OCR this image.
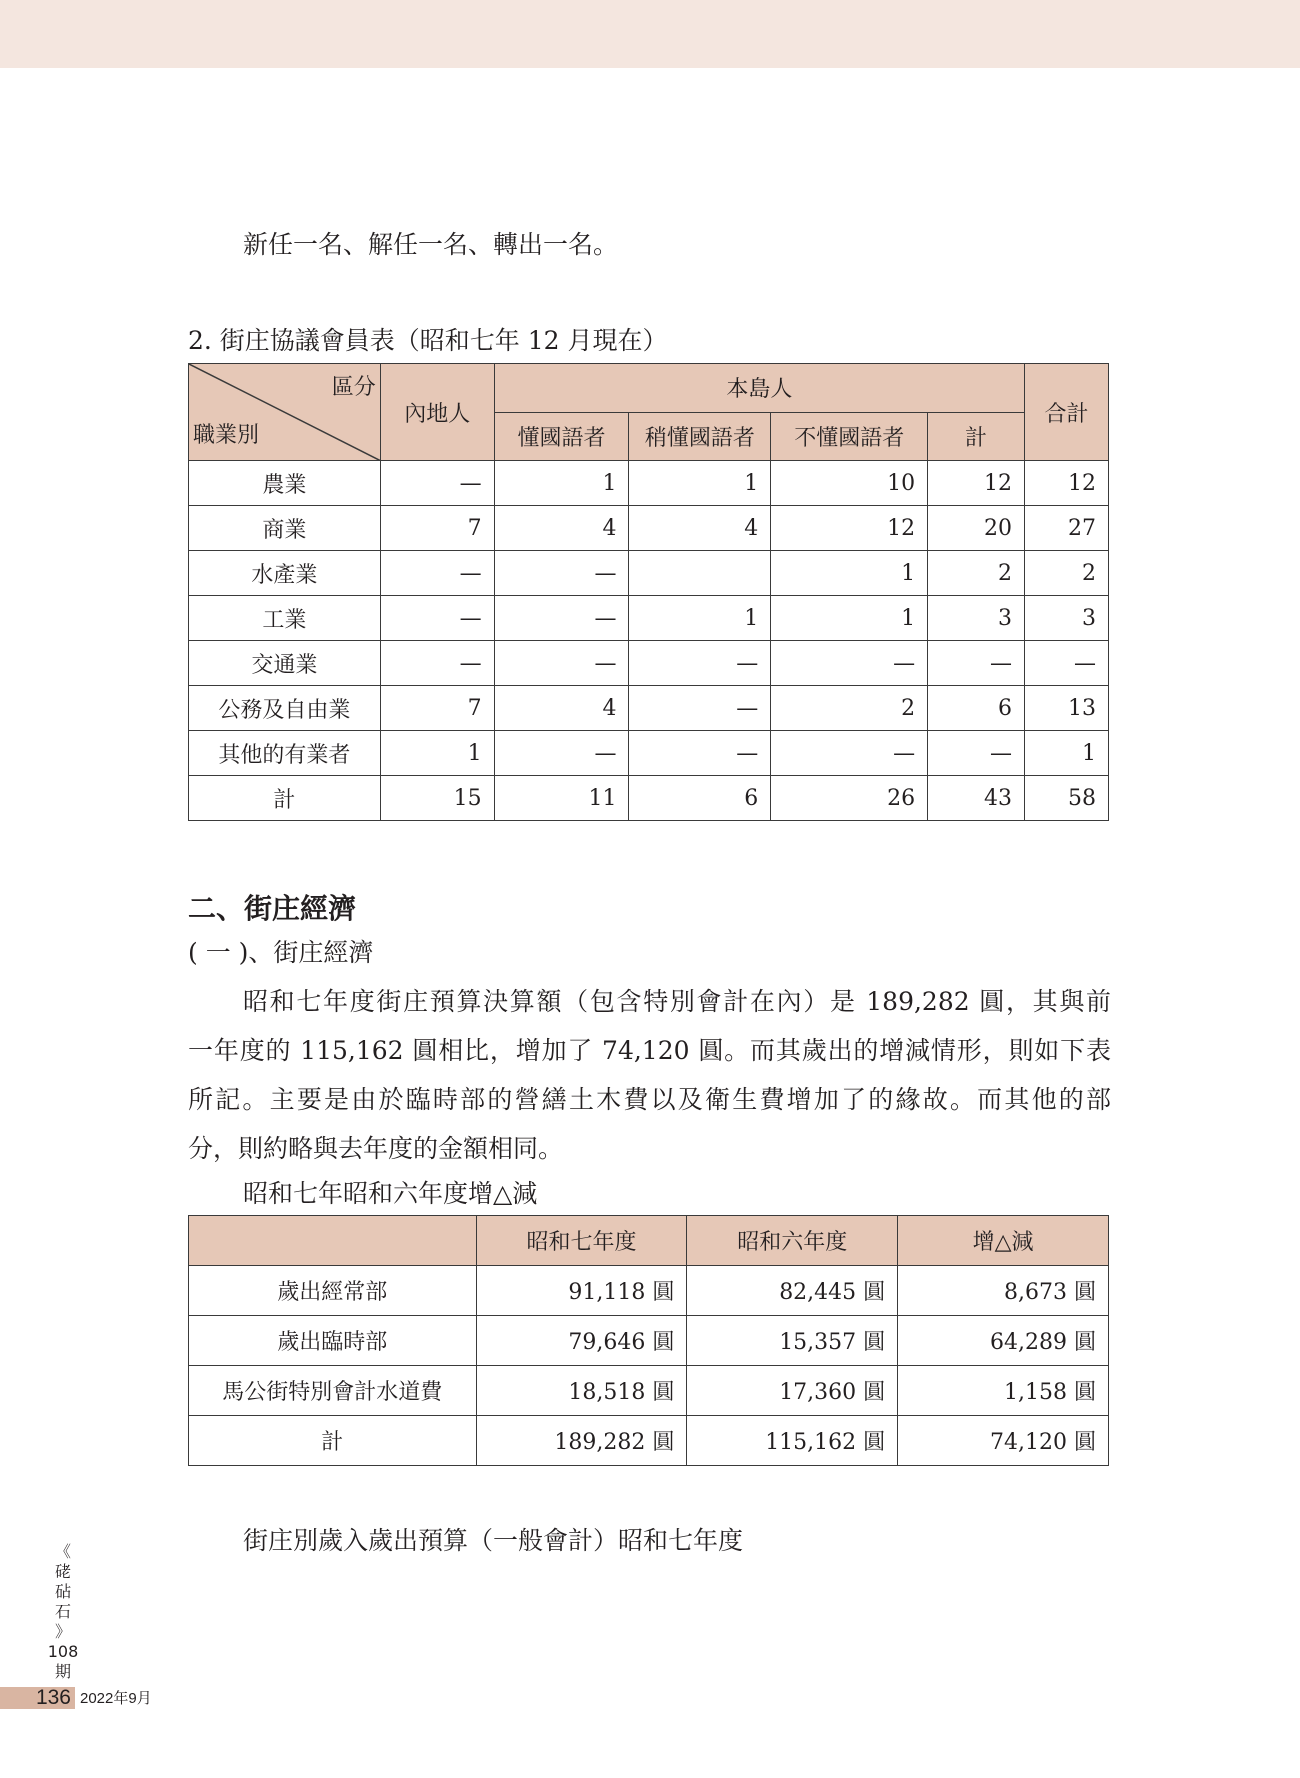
新任一名、解任一名、轉出一名。
2. 街庄協議會員表（昭和七年 12 月現在）
區分
職業別	內地人	本島人				合計
		懂國語者	稍懂國語者	不懂國語者	計	
農業	—	1	1	10	12	12
商業	7	4	4	12	20	27
水產業	—	—		1	2	2
工業	—	—	1	1	3	3
交通業	—	—	—	—	—	—
公務及自由業	7	4	—	2	6	13
其他的有業者	1	—	—	—	—	1
計	15	11	6	26	43	58
二、街庄經濟
( 一 )、街庄經濟
昭和七年度街庄預算決算額（包含特別會計在內）是 189,282 圓，其與前
一年度的 115,162 圓相比，增加了 74,120 圓。而其歲出的增減情形，則如下表
所記。主要是由於臨時部的營繕土木費以及衛生費增加了的緣故。而其他的部
分，則約略與去年度的金額相同。
昭和七年昭和六年度增△減
	昭和七年度	昭和六年度	增△減
歲出經常部	91,118 圓	82,445 圓	8,673 圓
歲出臨時部	79,646 圓	15,357 圓	64,289 圓
馬公街特別會計水道費	18,518 圓	17,360 圓	1,158 圓
計	189,282 圓	115,162 圓	74,120 圓
街庄別歲入歲出預算（一般會計）昭和七年度
《
硓
砧
石
》
108
期
136 2022年9月
